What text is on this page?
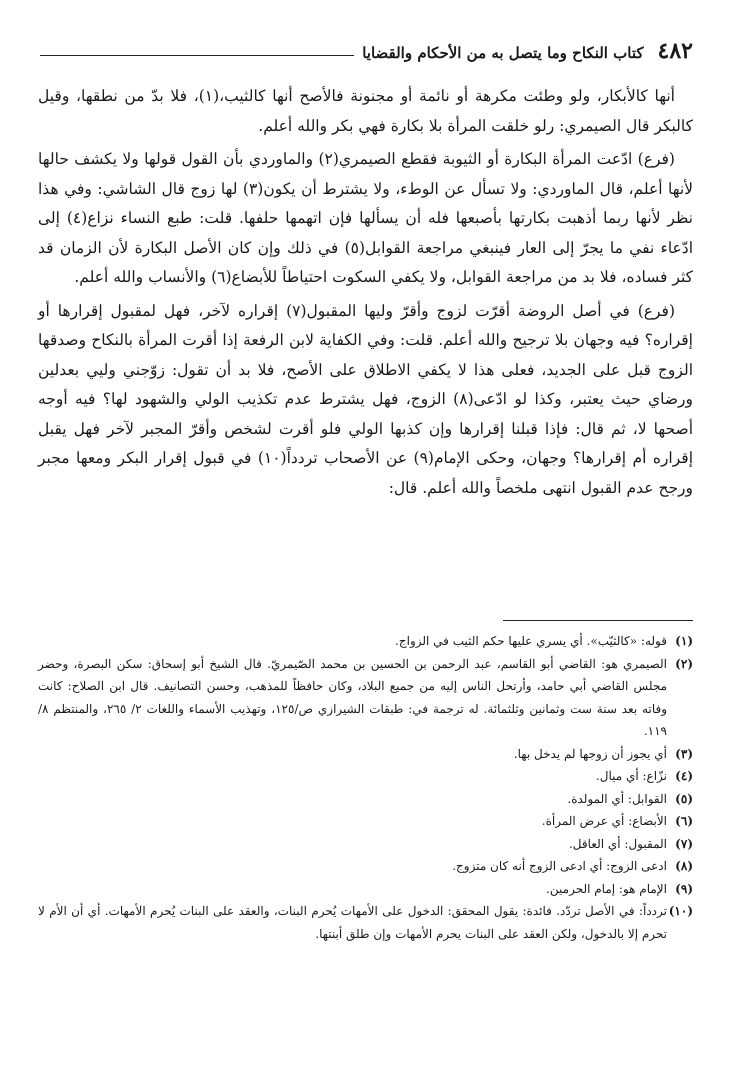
٤٨٢
كتاب النكاح وما يتصل به من الأحكام والقضايا

أنها كالأبكار، ولو وطئت مكرهة أو نائمة أو مجنونة فالأصح أنها كالثيب،(١)، فلا بدّ من نطقها، وقيل كالبكر قال الصيمري: رلو خلقت المرأة بلا بكارة فهي بكر والله أعلم.

(فرع) ادّعت المرأة البكارة أو الثيوبة فقطع الصيمري(٢) والماوردي بأن القول قولها ولا يكشف حالها لأنها أعلم، قال الماوردي: ولا تسأل عن الوطء، ولا يشترط أن يكون(٣) لها زوج قال الشاشي: وفي هذا نظر لأنها ربما أذهبت بكارتها بأصبعها فله أن يسألها فإن اتهمها حلفها. قلت: طبع النساء نزاع(٤) إلى ادّعاء نفي ما يجرّ إلى العار فينبغي مراجعة القوابل(٥) في ذلك وإن كان الأصل البكارة لأن الزمان قد كثر فساده، فلا بد من مراجعة القوابل، ولا يكفي السكوت احتياطاً للأبضاع(٦) والأنساب والله أعلم.

(فرع) في أصل الروضة أقرّت لزوج وأقرّ وليها المقبول(٧) إقراره لآخر، فهل لمقبول إقرارها أو إقراره؟ فيه وجهان بلا ترجيح والله أعلم. قلت: وفي الكفاية لابن الرفعة إذا أقرت المرأة بالنكاح وصدقها الزوج قبل على الجديد، فعلى هذا لا يكفي الاطلاق على الأصح، فلا بد أن تقول: زوّجني وليي بعدلين ورضاي حيث يعتبر، وكذا لو ادّعى(٨) الزوج، فهل يشترط عدم تكذيب الولي والشهود لها؟ فيه أوجه أصحها لا، ثم قال: فإذا قبلنا إقرارها وإن كذبها الولي فلو أقرت لشخص وأقرّ المجبر لآخر فهل يقبل إقراره أم إقرارها؟ وجهان، وحكى الإمام(٩) عن الأصحاب تردداً(١٠) في قبول إقرار البكر ومعها مجبر ورجح عدم القبول انتهى ملخصاً والله أعلم. قال:

(١)قوله: «كالثيّب». أي يسري عليها حكم الثيب في الزواج.

(٢)الصيمري هو: القاضي أبو القاسم، عبد الرحمن بن الحسين بن محمد الصّيمريّ. قال الشيخ أبو إسحاق: سكن البصرة، وحضر مجلس القاضي أبي حامد، وأرتحل الناس إليه من جميع البلاد، وكان حافظاً للمذهب، وحسن التصانيف. قال ابن الصلاح: كانت وفاته بعد سنة ست وثمانين وثلثمائة. له ترجمة في: طبقات الشيرازي ص/١٢٥، وتهذيب الأسماء واللغات ٢/ ٢٦٥، والمنتظم ٨/ ١١٩.

(٣)أي يجوز أن زوجها لم يدخل بها.

(٤)نزّاع: أي ميال.

(٥)القوابل: أي المولدة.

(٦)الأبضاع: أي عرض المرأة.

(٧)المقبول: أي العاقل.

(٨)ادعى الزوج: أي ادعى الزوج أنه كان متزوج.

(٩)الإمام هو: إمام الحرمين.

(١٠)تردداً: في الأصل تردّد. فائدة: يقول المحقق: الدخول على الأمهات يُحرم البنات، والعقد على البنات يُحرم الأمهات. أي أن الأم لا تحرم إلا بالدخول، ولكن العقد على البنات يحرم الأمهات وإن طلق أبنتها.
